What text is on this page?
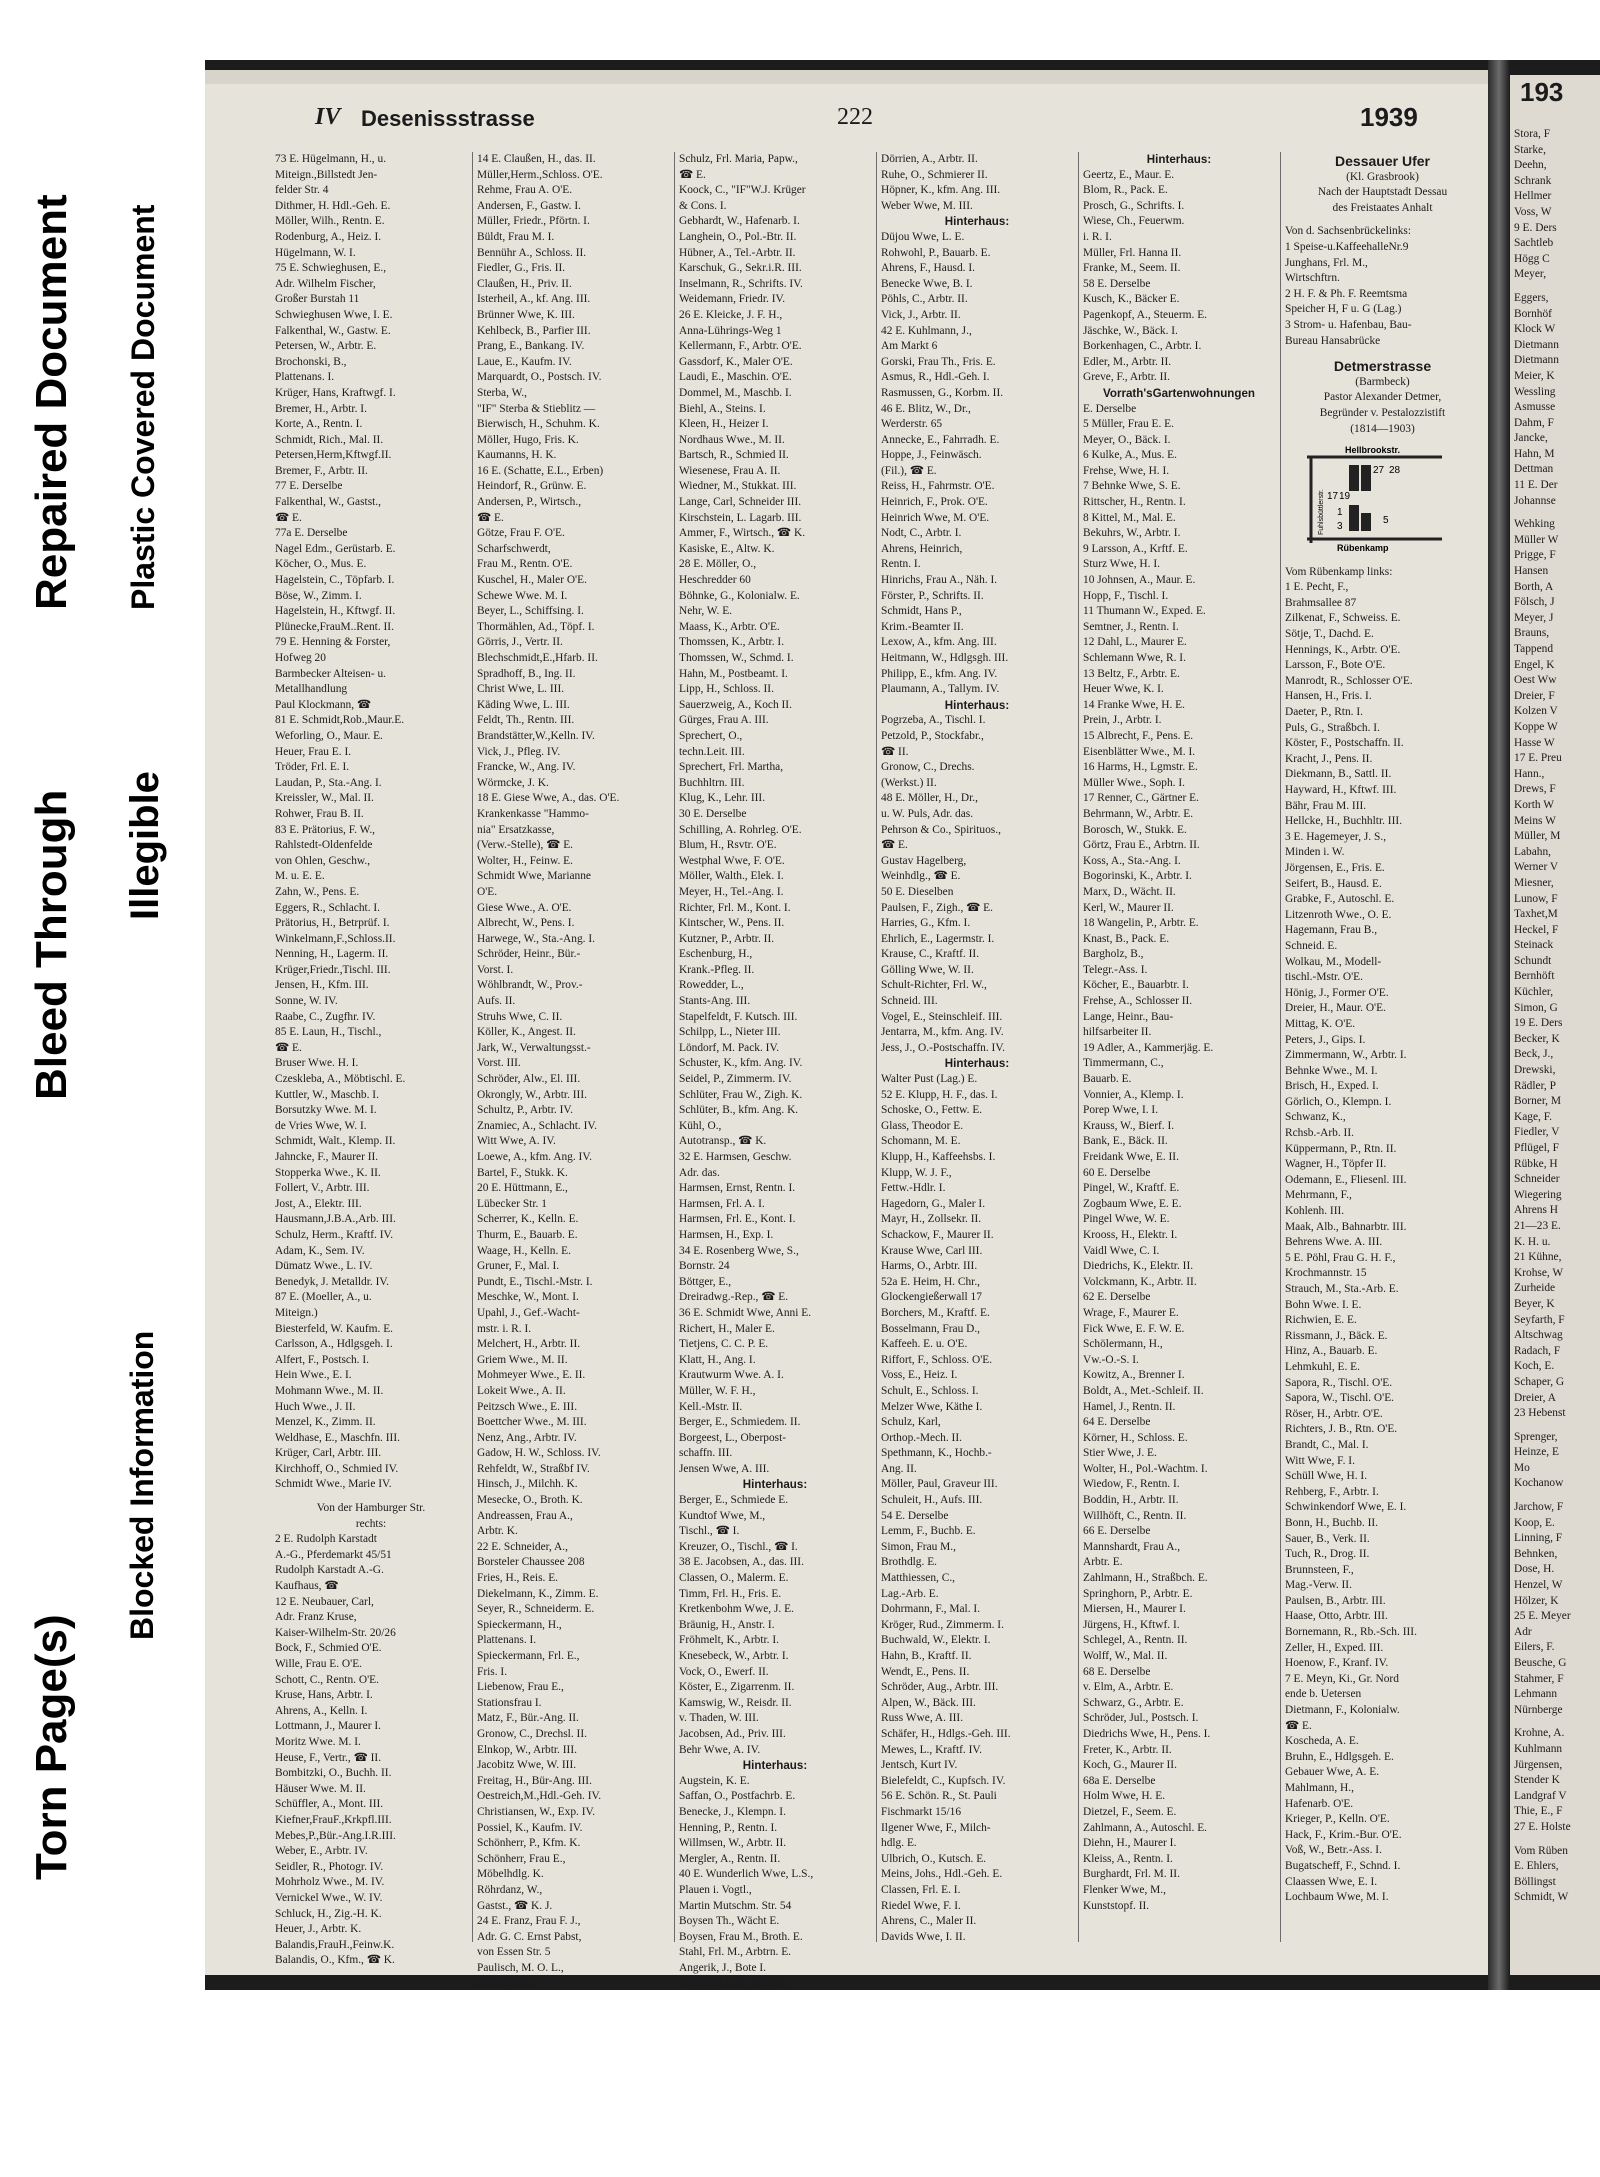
Torn Page(s)
Bleed Through
Repaired Document
Blocked Information
Illegible
Plastic Covered Document
IV Desenissstrasse	222	1939
73 E. Hügelmann, H., u.
Miteign.,Billstedt Jen-
felder Str. 4
Dithmer, H. Hdl.-Geh. E.
Möller, Wilh., Rentn. E.
Rodenburg, A., Heiz. I.
Hügelmann, W. I.
75 E. Schwieghusen, E.,
Adr. Wilhelm Fischer,
Großer Burstah 11
Schwieghusen Wwe, I. E.
Falkenthal, W., Gastw. E.
Petersen, W., Arbtr. E.
Brochonski, B.,
Plattenans. I.
Krüger, Hans, Kraftwgf. I.
Bremer, H., Arbtr. I.
Korte, A., Rentn. I.
Schmidt, Rich., Mal. II.
Petersen,Herm,Kftwgf.II.
Bremer, F., Arbtr. II.
77 E. Derselbe
Falkenthal, W., Gastst.,
☎ E.
77a E. Derselbe
Nagel Edm., Gerüstarb. E.
Köcher, O., Mus. E.
Hagelstein, C., Töpfarb. I.
Böse, W., Zimm. I.
Hagelstein, H., Kftwgf. II.
Plünecke,FrauM..Rent. II.
79 E. Henning & Forster,
Hofweg 20
Barmbecker Alteisen- u.
Metallhandlung
Paul Klockmann, ☎
81 E. Schmidt,Rob.,Maur.E.
Weforling, O., Maur. E.
Heuer, Frau E. I.
Tröder, Frl. E. I.
Laudan, P., Sta.-Ang. I.
Kreissler, W., Mal. II.
Rohwer, Frau B. II.
83 E. Prätorius, F. W.,
Rahlstedt-Oldenfelde
von Ohlen, Geschw.,
M. u. E. E.
Zahn, W., Pens. E.
Eggers, R., Schlacht. I.
Prätorius, H., Betrprüf. I.
Winkelmann,F.,Schloss.II.
Nenning, H., Lagerm. II.
Krüger,Friedr.,Tischl. III.
Jensen, H., Kfm. III.
Sonne, W. IV.
Raabe, C., Zugfhr. IV.
85 E. Laun, H., Tischl.,
☎ E.
Bruser Wwe. H. I.
Czeskleba, A., Möbtischl. E.
Kuttler, W., Maschb. I.
Borsutzky Wwe. M. I.
de Vries Wwe, W. I.
Schmidt, Walt., Klemp. II.
Jahncke, F., Maurer II.
Stopperka Wwe., K. II.
Follert, V., Arbtr. III.
Jost, A., Elektr. III.
Hausmann,J.B.A.,Arb. III.
Schulz, Herm., Kraftf. IV.
Adam, K., Sem. IV.
Dümatz Wwe., L. IV.
Benedyk, J. Metalldr. IV.
87 E. (Moeller, A., u.
Miteign.)
Biesterfeld, W. Kaufm. E.
Carlsson, A., Hdlgsgeh. I.
Alfert, F., Postsch. I.
Hein Wwe., E. I.
Mohmann Wwe., M. II.
Huch Wwe., J. II.
Menzel, K., Zimm. II.
Weldhase, E., Maschfn. III.
Krüger, Carl, Arbtr. III.
Kirchhoff, O., Schmied IV.
Schmidt Wwe., Marie IV.
Von der Hamburger Str.
rechts:
2 E. Rudolph Karstadt
A.-G., Pferdemarkt 45/51
Rudolph Karstadt A.-G.
Kaufhaus, ☎
12 E. Neubauer, Carl,
Adr. Franz Kruse,
Kaiser-Wilhelm-Str. 20/26
Bock, F., Schmied O'E.
Wille, Frau E. O'E.
Schott, C., Rentn. O'E.
Kruse, Hans, Arbtr. I.
Ahrens, A., Kelln. I.
Lottmann, J., Maurer I.
Moritz Wwe. M. I.
Heuse, F., Vertr., ☎ II.
Bombitzki, O., Buchh. II.
Häuser Wwe. M. II.
Schüffler, A., Mont. III.
Kiefner,FrauF.,Krkpfl.III.
Mebes,P.,Bür.-Ang.I.R.III.
Weber, E., Arbtr. IV.
Seidler, R., Photogr. IV.
Mohrholz Wwe., M. IV.
Vernickel Wwe., W. IV.
Schluck, H., Zig.-H. K.
Heuer, J., Arbtr. K.
Balandis,FrauH.,Feinw.K.
Balandis, O., Kfm., ☎ K.
14 E. Claußen, H., das. II.
Müller,Herm.,Schloss. O'E.
Rehme, Frau A. O'E.
Andersen, F., Gastw. I.
Müller, Friedr., Pförtn. I.
Büldt, Frau M. I.
Bennühr A., Schloss. II.
Fiedler, G., Fris. II.
Claußen, H., Priv. II.
Isterheil, A., kf. Ang. III.
Brünner Wwe, K. III.
Kehlbeck, B., Parfier III.
Prang, E., Bankang. IV.
Laue, E., Kaufm. IV.
Marquardt, O., Postsch. IV.
Sterba, W.,
"IF" Sterba & Stieblitz —
Bierwisch, H., Schuhm. K.
Möller, Hugo, Fris. K.
Kaumanns, H. K.
16 E. (Schatte, E.L., Erben)
Heindorf, R., Grünw. E.
Andersen, P., Wirtsch.,
☎ E.
Götze, Frau F. O'E.
Scharfschwerdt,
Frau M., Rentn. O'E.
Kuschel, H., Maler O'E.
Schewe Wwe. M. I.
Beyer, L., Schiffsing. I.
Thormählen, Ad., Töpf. I.
Görris, J., Vertr. II.
Blechschmidt,E.,Hfarb. II.
Spradhoff, B., Ing. II.
Christ Wwe, L. III.
Käding Wwe, L. III.
Feldt, Th., Rentn. III.
Brandstätter,W.,Kelln. IV.
Vick, J., Pfleg. IV.
Francke, W., Ang. IV.
Wörmcke, J. K.
18 E. Giese Wwe, A., das. O'E.
Krankenkasse "Hammo-
nia" Ersatzkasse,
(Verw.-Stelle), ☎ E.
Wolter, H., Feinw. E.
Schmidt Wwe, Marianne
O'E.
Giese Wwe., A. O'E.
Albrecht, W., Pens. I.
Harwege, W., Sta.-Ang. I.
Schröder, Heinr., Bür.-
Vorst. I.
Wöhlbrandt, W., Prov.-
Aufs. II.
Struhs Wwe, C. II.
Köller, K., Angest. II.
Jark, W., Verwaltungsst.-
Vorst. III.
Schröder, Alw., El. III.
Okrongly, W., Arbtr. III.
Schultz, P., Arbtr. IV.
Znamiec, A., Schlacht. IV.
Witt Wwe, A. IV.
Loewe, A., kfm. Ang. IV.
Bartel, F., Stukk. K.
20 E. Hüttmann, E.,
Lübecker Str. 1
Scherrer, K., Kelln. E.
Thurm, E., Bauarb. E.
Waage, H., Kelln. E.
Gruner, F., Mal. I.
Pundt, E., Tischl.-Mstr. I.
Meschke, W., Mont. I.
Upahl, J., Gef.-Wacht-
mstr. i. R. I.
Melchert, H., Arbtr. II.
Griem Wwe., M. II.
Mohmeyer Wwe., E. II.
Lokeit Wwe., A. II.
Peitzsch Wwe., E. III.
Boettcher Wwe., M. III.
Nenz, Ang., Arbtr. IV.
Gadow, H. W., Schloss. IV.
Rehfeldt, W., Straßbf IV.
Hinsch, J., Milchh. K.
Mesecke, O., Broth. K.
Andreassen, Frau A.,
Arbtr. K.
22 E. Schneider, A.,
Borsteler Chaussee 208
Fries, H., Reis. E.
Diekelmann, K., Zimm. E.
Seyer, R., Schneiderm. E.
Spieckermann, H.,
Plattenans. I.
Spieckermann, Frl. E.,
Fris. I.
Liebenow, Frau E.,
Stationsfrau I.
Matz, F., Bür.-Ang. II.
Gronow, C., Drechsl. II.
Elnkop, W., Arbtr. III.
Jacobitz Wwe, W. III.
Freitag, H., Bür-Ang. III.
Oestreich,M.,Hdl.-Geh. IV.
Christiansen, W., Exp. IV.
Possiel, K., Kaufm. IV.
Schönherr, P., Kfm. K.
Schönherr, Frau E.,
Möbelhdlg. K.
Röhrdanz, W.,
Gastst., ☎ K. J.
24 E. Franz, Frau F. J.,
Adr. G. C. Ernst Pabst,
von Essen Str. 5
Paulisch, M. O. L.,
Fettwaren E.
Schulz, Frl. Maria, Papw.,
☎ E.
Koock, C., "IF"W.J. Krüger
& Cons. I.
Gebhardt, W., Hafenarb. I.
Langhein, O., Pol.-Btr. II.
Hübner, A., Tel.-Arbtr. II.
Karschuk, G., Sekr.i.R. III.
Inselmann, R., Schrifts. IV.
Weidemann, Friedr. IV.
26 E. Kleicke, J. F. H.,
Anna-Lührings-Weg 1
Kellermann, F., Arbtr. O'E.
Gassdorf, K., Maler O'E.
Laudi, E., Maschin. O'E.
Dommel, M., Maschb. I.
Biehl, A., Steins. I.
Kleen, H., Heizer I.
Nordhaus Wwe., M. II.
Bartsch, R., Schmied II.
Wiesenese, Frau A. II.
Wiedner, M., Stukkat. III.
Lange, Carl, Schneider III.
Kirschstein, L. Lagarb. III.
Ammer, F., Wirtsch., ☎ K.
Kasiske, E., Altw. K.
28 E. Möller, O.,
Heschredder 60
Böhnke, G., Kolonialw. E.
Nehr, W. E.
Maass, K., Arbtr. O'E.
Thomssen, K., Arbtr. I.
Thomssen, W., Schmd. I.
Hahn, M., Postbeamt. I.
Lipp, H., Schloss. II.
Sauerzweig, A., Koch II.
Gürges, Frau A. III.
Sprechert, O.,
techn.Leit. III.
Sprechert, Frl. Martha,
Buchhltrn. III.
Klug, K., Lehr. III.
30 E. Derselbe
Schilling, A. Rohrleg. O'E.
Blum, H., Rsvtr. O'E.
Westphal Wwe, F. O'E.
Möller, Walth., Elek. I.
Meyer, H., Tel.-Ang. I.
Richter, Frl. M., Kont. I.
Kintscher, W., Pens. II.
Kutzner, P., Arbtr. II.
Eschenburg, H.,
Krank.-Pfleg. II.
Rowedder, L.,
Stants-Ang. III.
Stapelfeldt, F. Kutsch. III.
Schilpp, L., Nieter III.
Löndorf, M. Pack. IV.
Schuster, K., kfm. Ang. IV.
Seidel, P., Zimmerm. IV.
Schlüter, Frau W., Zigh. K.
Schlüter, B., kfm. Ang. K.
Kühl, O.,
Autotransp., ☎ K.
32 E. Harmsen, Geschw.
Adr. das.
Harmsen, Ernst, Rentn. I.
Harmsen, Frl. A. I.
Harmsen, Frl. E., Kont. I.
Harmsen, H., Exp. I.
34 E. Rosenberg Wwe, S.,
Bornstr. 24
Böttger, E.,
Dreiradwg.-Rep., ☎ E.
36 E. Schmidt Wwe, Anni E.
Richert, H., Maler E.
Tietjens, C. C. P. E.
Klatt, H., Ang. I.
Krautwurm Wwe. A. I.
Müller, W. F. H.,
Kell.-Mstr. II.
Berger, E., Schmiedem. II.
Borgeest, L., Oberpost-
schaffn. III.
Jensen Wwe, A. III.
Hinterhaus:
Berger, E., Schmiede E.
Kundtof Wwe, M.,
Tischl., ☎ I.
Kreuzer, O., Tischl., ☎ I.
38 E. Jacobsen, A., das. III.
Classen, O., Malerm. E.
Timm, Frl. H., Fris. E.
Kretkenbohm Wwe, J. E.
Bräunig, H., Anstr. I.
Fröhmelt, K., Arbtr. I.
Knesebeck, W., Arbtr. I.
Vock, O., Ewerf. II.
Köster, E., Zigarrenm. II.
Kamswig, W., Reisdr. II.
v. Thaden, W. III.
Jacobsen, Ad., Priv. III.
Behr Wwe, A. IV.
Hinterhaus:
Augstein, K. E.
Saffan, O., Postfachrb. E.
Benecke, J., Klempn. I.
Henning, P., Rentn. I.
Willmsen, W., Arbtr. II.
Mergler, A., Rentn. II.
40 E. Wunderlich Wwe, L.S.,
Plauen i. Vogtl.,
Martin Mutschm. Str. 54
Boysen Th., Wächt E.
Boysen, Frau M., Broth. E.
Stahl, Frl. M., Arbtrn. E.
Angerik, J., Bote I.
Tuschinski, H., Maler I.
Dörrien, A., Arbtr. II.
Ruhe, O., Schmierer II.
Höpner, K., kfm. Ang. III.
Weber Wwe, M. III.
Hinterhaus:
Düjou Wwe, L. E.
Rohwohl, P., Bauarb. E.
Ahrens, F., Hausd. I.
Benecke Wwe, B. I.
Pöhls, C., Arbtr. II.
Vick, J., Arbtr. II.
42 E. Kuhlmann, J.,
Am Markt 6
Gorski, Frau Th., Fris. E.
Asmus, R., Hdl.-Geh. I.
Rasmussen, G., Korbm. II.
46 E. Blitz, W., Dr.,
Werderstr. 65
Annecke, E., Fahrradh. E.
Hoppe, J., Feinwäsch.
(Fil.), ☎ E.
Reiss, H., Fahrmstr. O'E.
Heinrich, F., Prok. O'E.
Heinrich Wwe, M. O'E.
Nodt, C., Arbtr. I.
Ahrens, Heinrich,
Rentn. I.
Hinrichs, Frau A., Näh. I.
Förster, P., Schrifts. II.
Schmidt, Hans P.,
Krim.-Beamter II.
Lexow, A., kfm. Ang. III.
Heitmann, W., Hdlgsgh. III.
Philipp, E., kfm. Ang. IV.
Plaumann, A., Tallym. IV.
Hinterhaus:
Pogrzeba, A., Tischl. I.
Petzold, P., Stockfabr.,
☎ II.
Gronow, C., Drechs.
(Werkst.) II.
48 E. Möller, H., Dr.,
u. W. Puls, Adr. das.
Pehrson & Co., Spirituos.,
☎ E.
Gustav Hagelberg,
Weinhdlg., ☎ E.
50 E. Dieselben
Paulsen, F., Zigh., ☎ E.
Harries, G., Kfm. I.
Ehrlich, E., Lagermstr. I.
Krause, C., Kraftf. II.
Gölling Wwe, W. II.
Schult-Richter, Frl. W.,
Schneid. III.
Vogel, E., Steinschleif. III.
Jentarra, M., kfm. Ang. IV.
Jess, J., O.-Postschaffn. IV.
Hinterhaus:
Walter Pust (Lag.) E.
52 E. Klupp, H. F., das. I.
Schoske, O., Fettw. E.
Glass, Theodor E.
Schomann, M. E.
Klupp, H., Kaffeehsbs. I.
Klupp, W. J. F.,
Fettw.-Hdlr. I.
Hagedorn, G., Maler I.
Mayr, H., Zollsekr. II.
Schackow, F., Maurer II.
Krause Wwe, Carl III.
Harms, O., Arbtr. III.
52a E. Heim, H. Chr.,
Glockengießerwall 17
Borchers, M., Kraftf. E.
Bosselmann, Frau D.,
Kaffeeh. E. u. O'E.
Riffort, F., Schloss. O'E.
Voss, E., Heiz. I.
Schult, E., Schloss. I.
Melzer Wwe, Käthe I.
Schulz, Karl,
Orthop.-Mech. II.
Spethmann, K., Hochb.-
Ang. II.
Möller, Paul, Graveur III.
Schuleit, H., Aufs. III.
54 E. Derselbe
Lemm, F., Buchb. E.
Simon, Frau M.,
Brothdlg. E.
Matthiessen, C.,
Lag.-Arb. E.
Dohrmann, F., Mal. I.
Kröger, Rud., Zimmerm. I.
Buchwald, W., Elektr. I.
Hahn, B., Kraftf. II.
Wendt, E., Pens. II.
Schröder, Aug., Arbtr. III.
Alpen, W., Bäck. III.
Russ Wwe, A. III.
Schäfer, H., Hdlgs.-Geh. III.
Mewes, L., Kraftf. IV.
Jentsch, Kurt IV.
Bielefeldt, C., Kupfsch. IV.
56 E. Schön. R., St. Pauli
Fischmarkt 15/16
Ilgener Wwe, F., Milch-
hdlg. E.
Ulbrich, O., Kutsch. E.
Meins, Johs., Hdl.-Geh. E.
Classen, Frl. E. I.
Riedel Wwe, F. I.
Ahrens, C., Maler II.
Davids Wwe, I. II.
Hinterhaus:
Geertz, E., Maur. E.
Blom, R., Pack. E.
Prosch, G., Schrifts. I.
Wiese, Ch., Feuerwm.
i. R. I.
Müller, Frl. Hanna II.
Franke, M., Seem. II.
58 E. Derselbe
Kusch, K., Bäcker E.
Pagenkopf, A., Steuerm. E.
Jäschke, W., Bäck. I.
Borkenhagen, C., Arbtr. I.
Edler, M., Arbtr. II.
Greve, F., Arbtr. II.
Vorrath'sGartenwohnungen
E. Derselbe
5 Müller, Frau E. E.
Meyer, O., Bäck. I.
6 Kulke, A., Mus. E.
Frehse, Wwe, H. I.
7 Behnke Wwe, S. E.
Rittscher, H., Rentn. I.
8 Kittel, M., Mal. E.
Bekuhrs, W., Arbtr. I.
9 Larsson, A., Krftf. E.
Sturz Wwe, H. I.
10 Johnsen, A., Maur. E.
Hopp, F., Tischl. I.
11 Thumann W., Exped. E.
Semtner, J., Rentn. I.
12 Dahl, L., Maurer E.
Schlemann Wwe, R. I.
13 Beltz, F., Arbtr. E.
Heuer Wwe, K. I.
14 Franke Wwe, H. E.
Prein, J., Arbtr. I.
15 Albrecht, F., Pens. E.
Eisenblätter Wwe., M. I.
16 Harms, H., Lgmstr. E.
Müller Wwe., Soph. I.
17 Renner, C., Gärtner E.
Behrmann, W., Arbtr. E.
Borosch, W., Stukk. E.
Görtz, Frau E., Arbtrn. II.
Koss, A., Sta.-Ang. I.
Bogorinski, K., Arbtr. I.
Marx, D., Wächt. II.
Kerl, W., Maurer II.
18 Wangelin, P., Arbtr. E.
Knast, B., Pack. E.
Bargholz, B.,
Telegr.-Ass. I.
Köcher, E., Bauarbtr. I.
Frehse, A., Schlosser II.
Lange, Heinr., Bau-
hilfsarbeiter II.
19 Adler, A., Kammerjäg. E.
Timmermann, C.,
Bauarb. E.
Vonnier, A., Klemp. I.
Porep Wwe, I. I.
Krauss, W., Bierf. I.
Bank, E., Bäck. II.
Freidank Wwe, E. II.
60 E. Derselbe
Pingel, W., Kraftf. E.
Zogbaum Wwe, E. E.
Pingel Wwe, W. E.
Krooss, H., Elektr. I.
Vaidl Wwe, C. I.
Diedrichs, K., Elektr. II.
Volckmann, K., Arbtr. II.
62 E. Derselbe
Wrage, F., Maurer E.
Fick Wwe, E. F. W. E.
Schölermann, H.,
Vw.-O.-S. I.
Kowitz, A., Brenner I.
Boldt, A., Met.-Schleif. II.
Hamel, J., Rentn. II.
64 E. Derselbe
Körner, H., Schloss. E.
Stier Wwe, J. E.
Wolter, H., Pol.-Wachtm. I.
Wiedow, F., Rentn. I.
Boddin, H., Arbtr. II.
Willhöft, C., Rentn. II.
66 E. Derselbe
Mannshardt, Frau A.,
Arbtr. E.
Zahlmann, H., Straßbch. E.
Springhorn, P., Arbtr. E.
Miersen, H., Maurer I.
Jürgens, H., Kftwf. I.
Schlegel, A., Rentn. II.
Wolff, W., Mal. II.
68 E. Derselbe
v. Elm, A., Arbtr. E.
Schwarz, G., Arbtr. E.
Schröder, Jul., Postsch. I.
Diedrichs Wwe, H., Pens. I.
Freter, K., Arbtr. II.
Koch, G., Maurer II.
68a E. Derselbe
Holm Wwe, H. E.
Dietzel, F., Seem. E.
Zahlmann, A., Autoschl. E.
Diehn, H., Maurer I.
Kleiss, A., Rentn. I.
Burghardt, Frl. M. II.
Flenker Wwe, M.,
Kunststopf. II.
Dessauer Ufer
(Kl. Grasbrook)
Nach der Hauptstadt Dessau
des Freistaates Anhalt
Von d. Sachsenbrückelinks:
1 Speise-u.KaffeehalleNr.9
Junghans, Frl. M.,
Wirtschftrn.
2 H. F. & Ph. F. Reemtsma
Speicher H, F u. G (Lag.)
3 Strom- u. Hafenbau, Bau-
Bureau Hansabrücke
Detmerstrasse
(Barmbeck)
Pastor Alexander Detmer,
Begründer v. Pestalozzistift
(1814—1903)
Hellbrookstr.
Rübenkamp
Fuhlsbüttlerstr.
27 28
17 19
1
3
5
Vom Rübenkamp links:
1 E. Pecht, F.,
Brahmsallee 87
Zilkenat, F., Schweiss. E.
Sötje, T., Dachd. E.
Hennings, K., Arbtr. O'E.
Larsson, F., Bote O'E.
Manrodt, R., Schlosser O'E.
Hansen, H., Fris. I.
Daeter, P., Rtn. I.
Puls, G., Straßbch. I.
Köster, F., Postschaffn. II.
Kracht, J., Pens. II.
Diekmann, B., Sattl. II.
Hayward, H., Kftwf. III.
Bähr, Frau M. III.
Hellcke, H., Buchhltr. III.
3 E. Hagemeyer, J. S.,
Minden i. W.
Jörgensen, E., Fris. E.
Seifert, B., Hausd. E.
Grabke, F., Autoschl. E.
Litzenroth Wwe., O. E.
Hagemann, Frau B.,
Schneid. E.
Wolkau, M., Modell-
tischl.-Mstr. O'E.
Hönig, J., Former O'E.
Dreier, H., Maur. O'E.
Mittag, K. O'E.
Peters, J., Gips. I.
Zimmermann, W., Arbtr. I.
Behnke Wwe., M. I.
Brisch, H., Exped. I.
Görlich, O., Klempn. I.
Schwanz, K.,
Rchsb.-Arb. II.
Küppermann, P., Rtn. II.
Wagner, H., Töpfer II.
Odemann, E., Fliesenl. III.
Mehrmann, F.,
Kohlenh. III.
Maak, Alb., Bahnarbtr. III.
Behrens Wwe. A. III.
5 E. Pöhl, Frau G. H. F.,
Krochmannstr. 15
Strauch, M., Sta.-Arb. E.
Bohn Wwe. I. E.
Richwien, E. E.
Rissmann, J., Bäck. E.
Hinz, A., Bauarb. E.
Lehmkuhl, E. E.
Sapora, R., Tischl. O'E.
Sapora, W., Tischl. O'E.
Röser, H., Arbtr. O'E.
Richters, J. B., Rtn. O'E.
Brandt, C., Mal. I.
Witt Wwe, F. I.
Schüll Wwe, H. I.
Rehberg, F., Arbtr. I.
Schwinkendorf Wwe, E. I.
Bonn, H., Buchb. II.
Sauer, B., Verk. II.
Tuch, R., Drog. II.
Brunnsteen, F.,
Mag.-Verw. II.
Paulsen, B., Arbtr. III.
Haase, Otto, Arbtr. III.
Bornemann, R., Rb.-Sch. III.
Zeller, H., Exped. III.
Hoenow, F., Kranf. IV.
7 E. Meyn, Ki., Gr. Nord
ende b. Uetersen
Dietmann, F., Kolonialw.
☎ E.
Koscheda, A. E.
Bruhn, E., Hdlgsgeh. E.
Gebauer Wwe, A. E.
Mahlmann, H.,
Hafenarb. O'E.
Krieger, P., Kelln. O'E.
Hack, F., Krim.-Bur. O'E.
Voß, W., Betr.-Ass. I.
Bugatscheff, F., Schnd. I.
Claassen Wwe, E. I.
Lochbaum Wwe, M. I.
193
Stora, F
Starke,
Deehn,
Schrank
Hellmer
Voss, W
9 E. Ders
Sachtleb
Högg C
Meyer,
Eggers,
Bornhöf
Klock W
Dietmann
Dietmann
Meier, K
Wessling
Asmusse
Dahm, F
Jancke,
Hahn, M
Dettman
11 E. Der
Johannse
Wehking
Müller W
Prigge, F
Hansen
Borth, A
Fölsch, J
Meyer, J
Brauns,
Tappend
Engel, K
Oest Ww
Dreier, F
Kolzen V
Koppe W
Hasse W
17 E. Preu
Hann.,
Drews, F
Korth W
Meins W
Müller, M
Labahn,
Werner V
Miesner,
Lunow, F
Taxhet,M
Heckel, F
Steinack
Schundt
Bernhöft
Küchler,
Simon, G
19 E. Ders
Becker, K
Beck, J.,
Drewski,
Rädler, P
Borner, M
Kage, F.
Fiedler, V
Pflügel, F
Rübke, H
Schneider
Wiegering
Ahrens H
21—23 E.
K. H. u.
21 Kühne,
Krohse, W
Zurheide
Beyer, K
Seyfarth, F
Altschwag
Radach, F
Koch, E.
Schaper, G
Dreier, A
23 Hebenst
Sprenger,
Heinze, E
Mo
Kochanow
Jarchow, F
Koop, E.
Linning, F
Behnken,
Dose, H.
Henzel, W
Hölzer, K
25 E. Meyer
Adr
Eilers, F.
Beusche, G
Stahmer, F
Lehmann
Nürnberge
Krohne, A.
Kuhlmann
Jürgensen,
Stender K
Landgraf V
Thie, E., F
27 E. Holste
Vom Rüben
E. Ehlers,
Böllingst
Schmidt, W
